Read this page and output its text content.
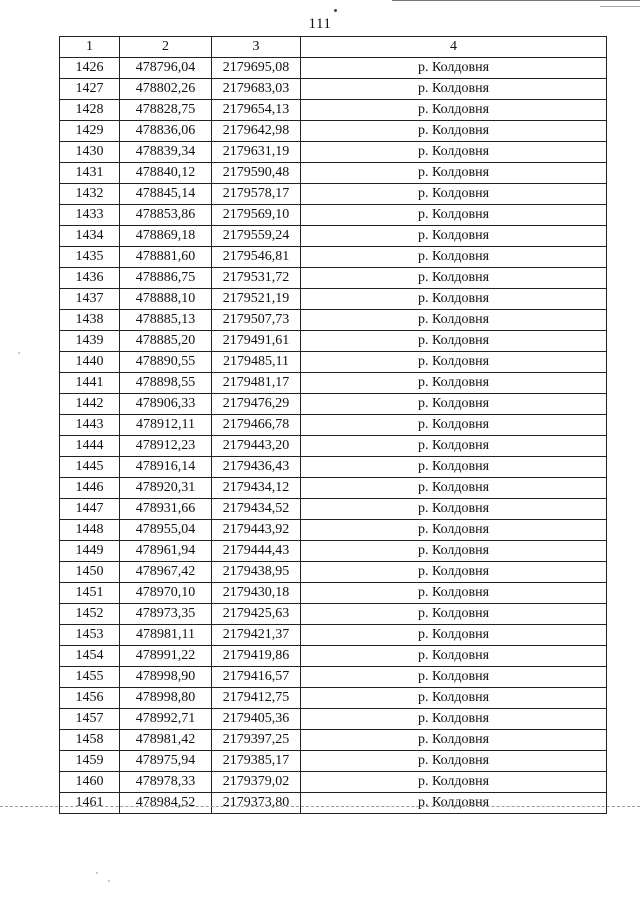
111
1	2	3	4
1426	478796,04	2179695,08	р. Колдовня
1427	478802,26	2179683,03	р. Колдовня
1428	478828,75	2179654,13	р. Колдовня
1429	478836,06	2179642,98	р. Колдовня
1430	478839,34	2179631,19	р. Колдовня
1431	478840,12	2179590,48	р. Колдовня
1432	478845,14	2179578,17	р. Колдовня
1433	478853,86	2179569,10	р. Колдовня
1434	478869,18	2179559,24	р. Колдовня
1435	478881,60	2179546,81	р. Колдовня
1436	478886,75	2179531,72	р. Колдовня
1437	478888,10	2179521,19	р. Колдовня
1438	478885,13	2179507,73	р. Колдовня
1439	478885,20	2179491,61	р. Колдовня
1440	478890,55	2179485,11	р. Колдовня
1441	478898,55	2179481,17	р. Колдовня
1442	478906,33	2179476,29	р. Колдовня
1443	478912,11	2179466,78	р. Колдовня
1444	478912,23	2179443,20	р. Колдовня
1445	478916,14	2179436,43	р. Колдовня
1446	478920,31	2179434,12	р. Колдовня
1447	478931,66	2179434,52	р. Колдовня
1448	478955,04	2179443,92	р. Колдовня
1449	478961,94	2179444,43	р. Колдовня
1450	478967,42	2179438,95	р. Колдовня
1451	478970,10	2179430,18	р. Колдовня
1452	478973,35	2179425,63	р. Колдовня
1453	478981,11	2179421,37	р. Колдовня
1454	478991,22	2179419,86	р. Колдовня
1455	478998,90	2179416,57	р. Колдовня
1456	478998,80	2179412,75	р. Колдовня
1457	478992,71	2179405,36	р. Колдовня
1458	478981,42	2179397,25	р. Колдовня
1459	478975,94	2179385,17	р. Колдовня
1460	478978,33	2179379,02	р. Колдовня
1461	478984,52	2179373,80	р. Колдовня
